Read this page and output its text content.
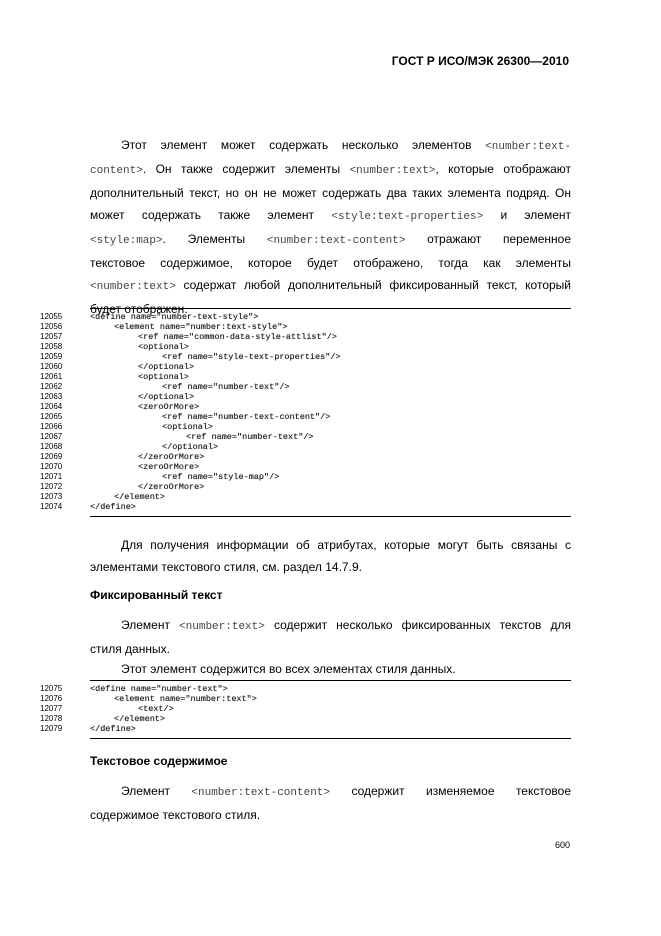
ГОСТ Р ИСО/МЭК 26300—2010
Этот элемент может содержать несколько элементов <number:text-
content>. Он также содержит элементы <number:text>, которые отображают
дополнительный текст, но он не может содержать два таких элемента подряд. Он
может содержать также элемент <style:text-properties> и элемент
<style:map>. Элементы <number:text-content> отражают переменное
текстовое содержимое, которое будет отображено, тогда как элементы
<number:text> содержат любой дополнительный фиксированный текст, который
будет отображен.
12055	<define name="number-text-style">
12056	<element name="number:text-style">
12057	<ref name="common-data-style-attlist"/>
12058	<optional>
12059	<ref name="style-text-properties"/>
12060	</optional>
12061	<optional>
12062	<ref name="number-text"/>
12063	</optional>
12064	<zeroOrMore>
12065	<ref name="number-text-content"/>
12066	<optional>
12067	<ref name="number-text"/>
12068	</optional>
12069	</zeroOrMore>
12070	<zeroOrMore>
12071	<ref name="style-map"/>
12072	</zeroOrMore>
12073	</element>
12074	</define>
Для получения информации об атрибутах, которые могут быть связаны с
элементами текстового стиля, см. раздел 14.7.9.
Фиксированный текст
Элемент <number:text> содержит несколько фиксированных текстов для
стиля данных.
Этот элемент содержится во всех элементах стиля данных.
12075	<define name="number-text">
12076	<element name="number:text">
12077	<text/>
12078	</element>
12079	</define>
Текстовое содержимое
Элемент <number:text-content> содержит изменяемое текстовое
содержимое текстового стиля.
600
